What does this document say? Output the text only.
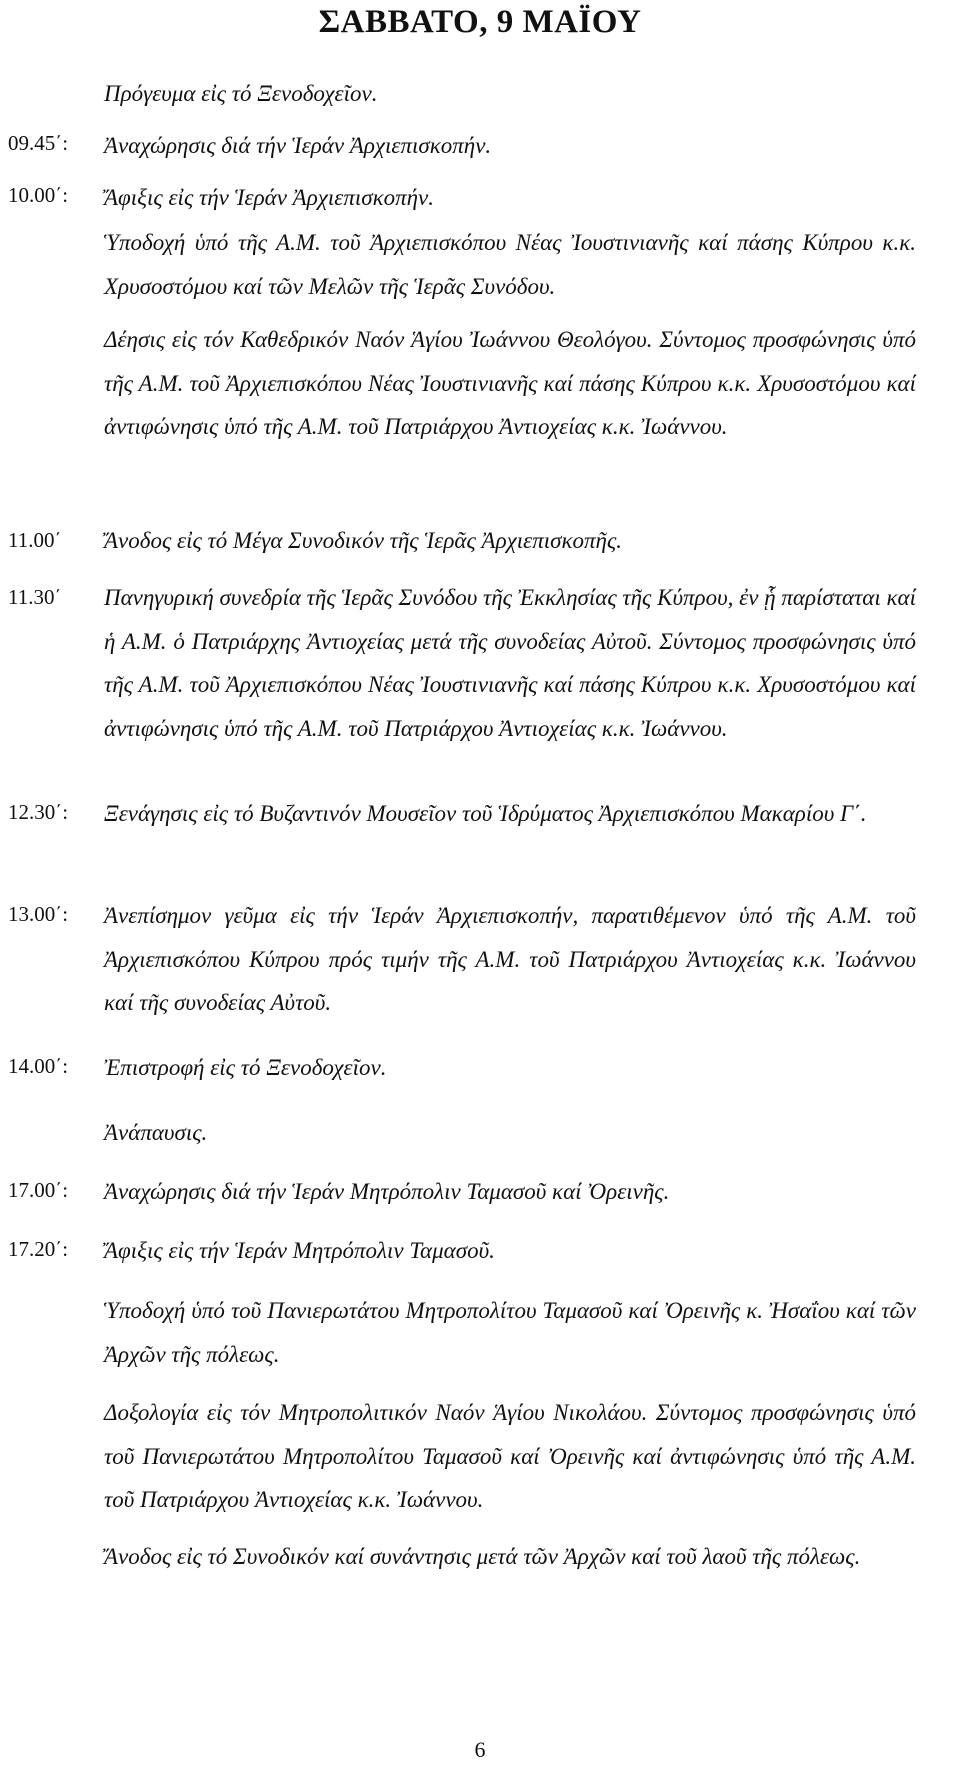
ΣΑΒΒΑΤΟ, 9 ΜΑΪΟΥ
Πρόγευμα εἰς τό Ξενοδοχεῖον.
09.45΄: Ἀναχώρησις διά τήν Ἱεράν Ἀρχιεπισκοπήν.
10.00΄: Ἄφιξις εἰς τήν Ἱεράν Ἀρχιεπισκοπήν.
Ὑποδοχή ὑπό τῆς Α.Μ. τοῦ Ἀρχιεπισκόπου Νέας Ἰουστινιανῆς καί πάσης Κύπρου κ.κ. Χρυσοστόμου καί τῶν Μελῶν τῆς Ἱερᾶς Συνόδου.
Δέησις εἰς τόν Καθεδρικόν Ναόν Ἁγίου Ἰωάννου Θεολόγου. Σύντομος προσφώνησις ὑπό τῆς Α.Μ. τοῦ Ἀρχιεπισκόπου Νέας Ἰουστινιανῆς καί πάσης Κύπρου κ.κ. Χρυσοστόμου καί ἀντιφώνησις ὑπό τῆς Α.Μ. τοῦ Πατριάρχου Ἀντιοχείας κ.κ. Ἰωάννου.
11.00΄ Ἄνοδος εἰς τό Μέγα Συνοδικόν τῆς Ἱερᾶς Ἀρχιεπισκοπῆς.
11.30΄ Πανηγυρική συνεδρία τῆς Ἱερᾶς Συνόδου τῆς Ἐκκλησίας τῆς Κύπρου, ἐν ᾗ παρίσταται καί ἡ Α.Μ. ὁ Πατριάρχης Ἀντιοχείας μετά τῆς συνοδείας Αὐτοῦ. Σύντομος προσφώνησις ὑπό τῆς Α.Μ. τοῦ Ἀρχιεπισκόπου Νέας Ἰουστινιανῆς καί πάσης Κύπρου κ.κ. Χρυσοστόμου καί ἀντιφώνησις ὑπό τῆς Α.Μ. τοῦ Πατριάρχου Ἀντιοχείας κ.κ. Ἰωάννου.
12.30΄: Ξενάγησις εἰς τό Βυζαντινόν Μουσεῖον τοῦ Ἱδρύματος Ἀρχιεπισκόπου Μακαρίου Γ΄.
13.00΄: Ἀνεπίσημον γεῦμα εἰς τήν Ἱεράν Ἀρχιεπισκοπήν, παρατιθέμενον ὑπό τῆς Α.Μ. τοῦ Ἀρχιεπισκόπου Κύπρου πρός τιμήν τῆς Α.Μ. τοῦ Πατριάρχου Ἀντιοχείας κ.κ. Ἰωάννου καί τῆς συνοδείας Αὐτοῦ.
14.00΄: Ἐπιστροφή εἰς τό Ξενοδοχεῖον.
Ἀνάπαυσις.
17.00΄: Ἀναχώρησις διά τήν Ἱεράν Μητρόπολιν Ταμασοῦ καί Ὀρεινῆς.
17.20΄: Ἄφιξις εἰς τήν Ἱεράν Μητρόπολιν Ταμασοῦ.
Ὑποδοχή ὑπό τοῦ Πανιερωτάτου Μητροπολίτου Ταμασοῦ καί Ὀρεινῆς κ. Ἠσαΐου καί τῶν Ἀρχῶν τῆς πόλεως.
Δοξολογία εἰς τόν Μητροπολιτικόν Ναόν Ἁγίου Νικολάου. Σύντομος προσφώνησις ὑπό τοῦ Πανιερωτάτου Μητροπολίτου Ταμασοῦ καί Ὀρεινῆς καί ἀντιφώνησις ὑπό τῆς Α.Μ. τοῦ Πατριάρχου Ἀντιοχείας κ.κ. Ἰωάννου.
Ἄνοδος εἰς τό Συνοδικόν καί συνάντησις μετά τῶν Ἀρχῶν καί τοῦ λαοῦ τῆς πόλεως.
6
